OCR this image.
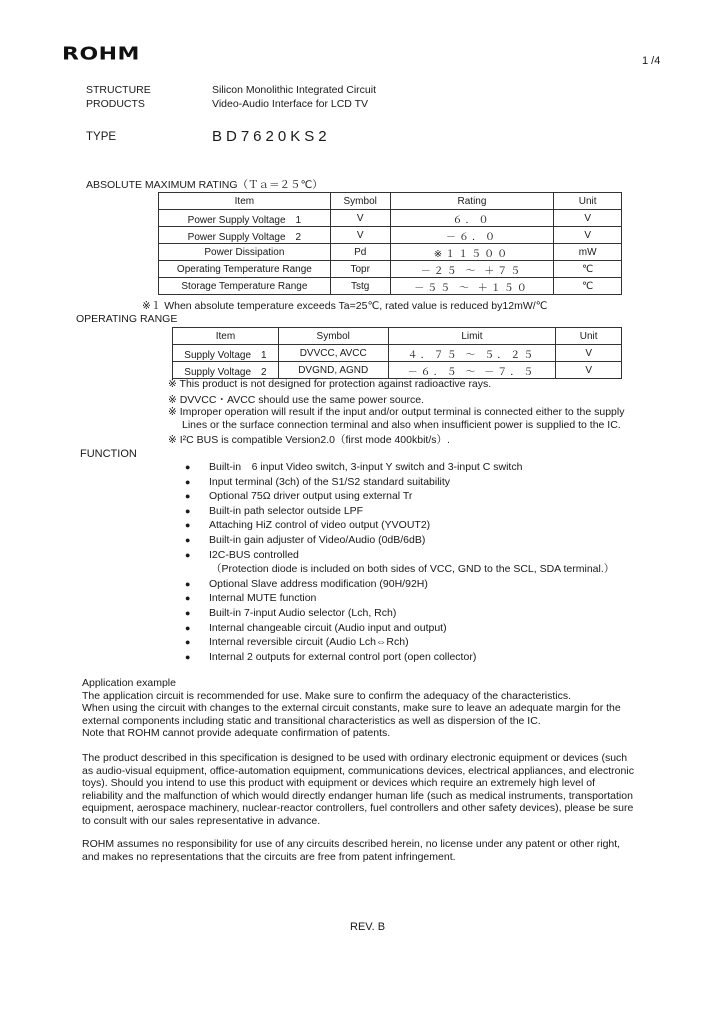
ROHM	1 /4
STRUCTURE	Silicon Monolithic Integrated Circuit
PRODUCTS	Video-Audio Interface for LCD TV
TYPE	BD7620KS2
ABSOLUTE MAXIMUM RATING（Ｔａ＝２５℃）
Item	Symbol	Rating	Unit
Power Supply Voltage　1	V	６．０	V
Power Supply Voltage　2	V	－６．０	V
Power Dissipation	Pd	※１１５００	mW
Operating Temperature Range	Topr	－２５ ～ ＋７５	℃
Storage Temperature Range	Tstg	－５５ ～ ＋１５０	℃
※１ When absolute temperature exceeds Ta=25℃, rated value is reduced by12mW/℃
OPERATING RANGE
Item	Symbol	Limit	Unit
Supply Voltage　1	DVVCC, AVCC	４．７５ ～ ５．２５	V
Supply Voltage　2	DVGND, AGND	－６．５ ～ －７．５	V
※ This product is not designed for protection against radioactive rays.
※ DVVCC・AVCC should use the same power source.
※ Improper operation will result if the input and/or output terminal is connected either to the supply
Lines or the surface connection terminal and also when insufficient power is supplied to the IC.
※ I²C BUS is compatible Version2.0（first mode 400kbit/s）.
FUNCTION
● Built-in　6 input Video switch, 3-input Y switch and 3-input C switch
● Input terminal (3ch) of the S1/S2 standard suitability
● Optional 75Ω driver output using external Tr
● Built-in path selector outside LPF
● Attaching HiZ control of video output (YVOUT2)
● Built-in gain adjuster of Video/Audio (0dB/6dB)
● I2C-BUS controlled
（Protection diode is included on both sides of VCC, GND to the SCL, SDA terminal.）
● Optional Slave address modification (90H/92H)
● Internal MUTE function
● Built-in 7-input Audio selector (Lch, Rch)
● Internal changeable circuit (Audio input and output)
● Internal reversible circuit (Audio Lch⇔Rch)
● Internal 2 outputs for external control port (open collector)
Application example
The application circuit is recommended for use. Make sure to confirm the adequacy of the characteristics.
When using the circuit with changes to the external circuit constants, make sure to leave an adequate margin for the
external components including static and transitional characteristics as well as dispersion of the IC.
Note that ROHM cannot provide adequate confirmation of patents.
The product described in this specification is designed to be used with ordinary electronic equipment or devices (such
as audio-visual equipment, office-automation equipment, communications devices, electrical appliances, and electronic
toys). Should you intend to use this product with equipment or devices which require an extremely high level of
reliability and the malfunction of which would directly endanger human life (such as medical instruments, transportation
equipment, aerospace machinery, nuclear-reactor controllers, fuel controllers and other safety devices), please be sure
to consult with our sales representative in advance.
ROHM assumes no responsibility for use of any circuits described herein, no license under any patent or other right,
and makes no representations that the circuits are free from patent infringement.
REV. B
